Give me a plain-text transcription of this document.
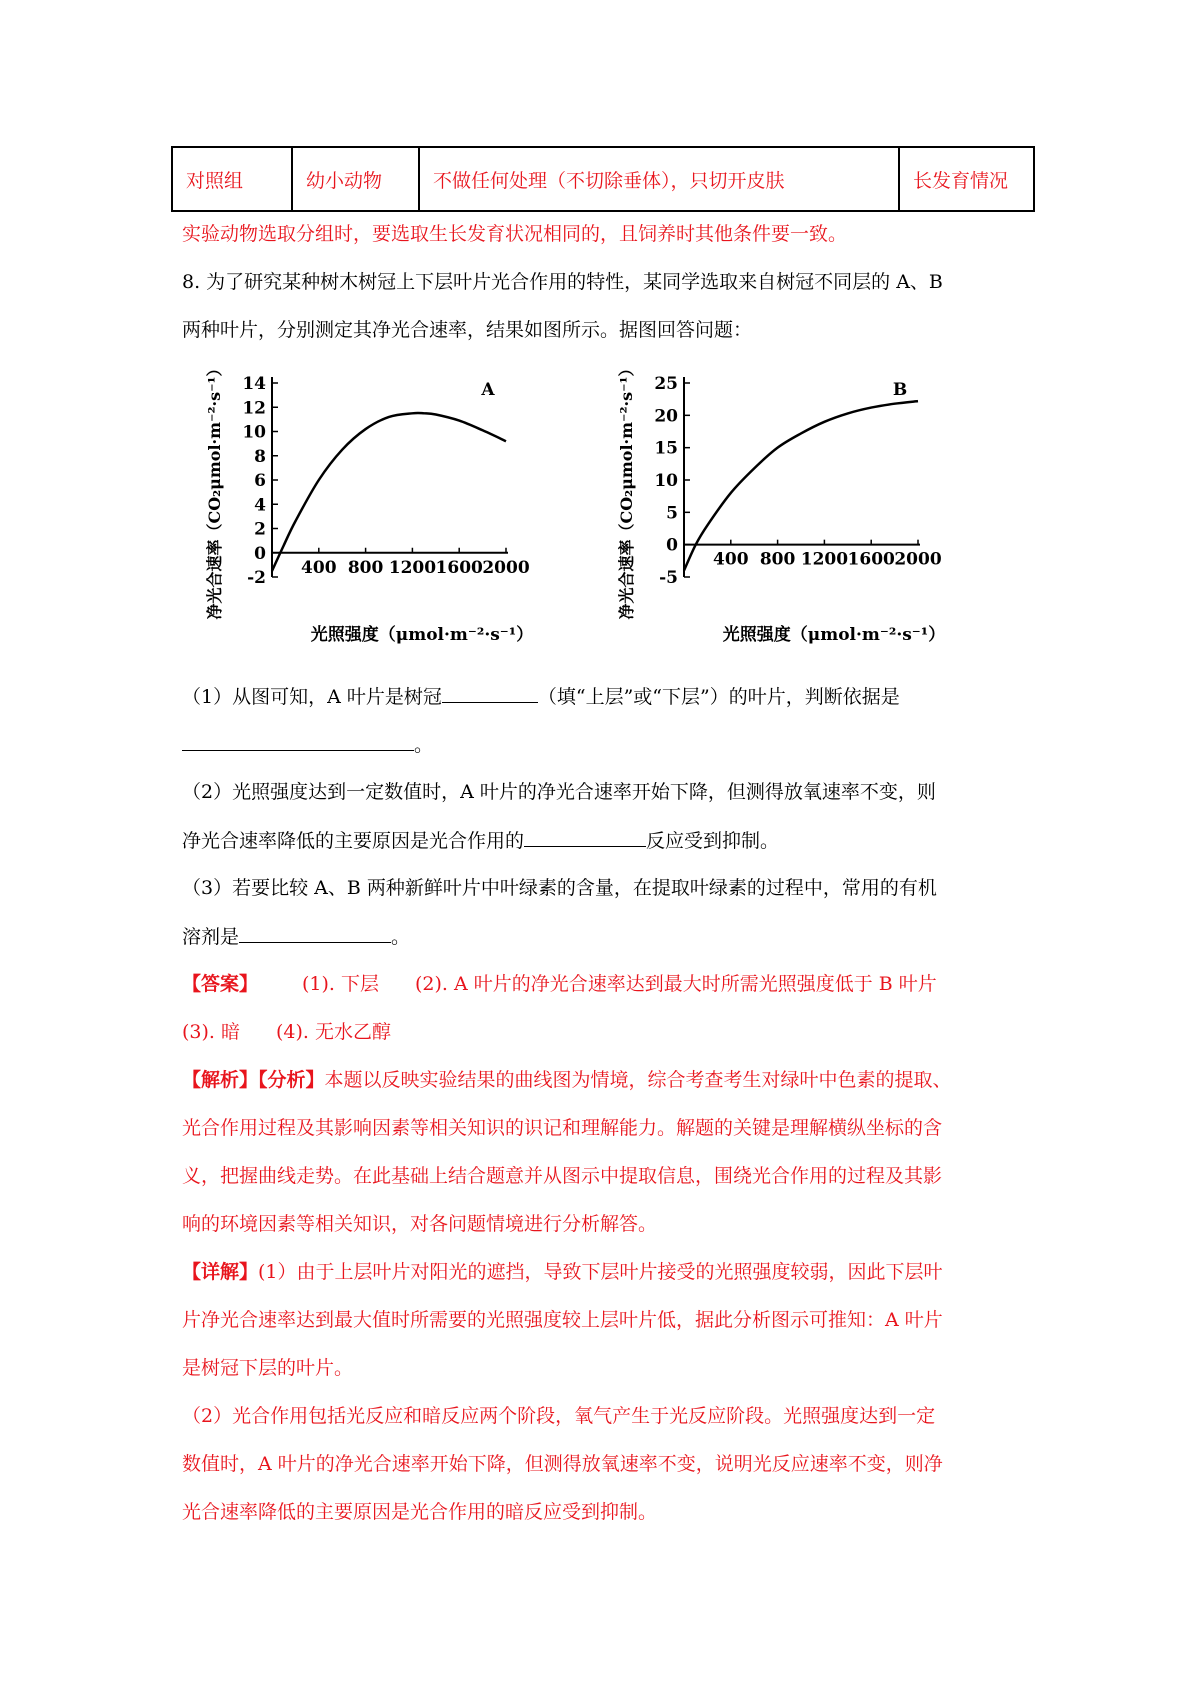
对照组	幼小动物	不做任何处理（不切除垂体），只切开皮肤	长发育情况
实验动物选取分组时，要选取生长发育状况相同的，且饲养时其他条件要一致。
8. 为了研究某种树木树冠上下层叶片光合作用的特性，某同学选取来自树冠不同层的 A、B
两种叶片，分别测定其净光合速率，结果如图所示。据图回答问题：
14
12
10
8
6
4
2
0
-2
400 800 1200 1600 2000
A
光照强度（μmol·m⁻²·s⁻¹）
净光合速率（CO₂μmol·m⁻²·s⁻¹）	25
20
15
10
5
0
-5
400 800 1200 1600 2000
B
光照强度（μmol·m⁻²·s⁻¹）
净光合速率（CO₂μmol·m⁻²·s⁻¹）
（1）从图可知，A 叶片是树冠	（填“上层”或“下层”）的叶片，判断依据是
。
（2）光照强度达到一定数值时，A 叶片的净光合速率开始下降，但测得放氧速率不变，则
净光合速率降低的主要原因是光合作用的	反应受到抑制。
（3）若要比较 A、B 两种新鲜叶片中叶绿素的含量，在提取叶绿素的过程中，常用的有机
溶剂是	。
【答案】 (1). 下层 (2). A 叶片的净光合速率达到最大时所需光照强度低于 B 叶片
(3). 暗 (4). 无水乙醇
【解析】【分析】本题以反映实验结果的曲线图为情境，综合考查考生对绿叶中色素的提取、
光合作用过程及其影响因素等相关知识的识记和理解能力。解题的关键是理解横纵坐标的含
义，把握曲线走势。在此基础上结合题意并从图示中提取信息，围绕光合作用的过程及其影
响的环境因素等相关知识，对各问题情境进行分析解答。
【详解】(1）由于上层叶片对阳光的遮挡，导致下层叶片接受的光照强度较弱，因此下层叶
片净光合速率达到最大值时所需要的光照强度较上层叶片低，据此分析图示可推知：A 叶片
是树冠下层的叶片。
（2）光合作用包括光反应和暗反应两个阶段，氧气产生于光反应阶段。光照强度达到一定
数值时，A 叶片的净光合速率开始下降，但测得放氧速率不变，说明光反应速率不变，则净
光合速率降低的主要原因是光合作用的暗反应受到抑制。
